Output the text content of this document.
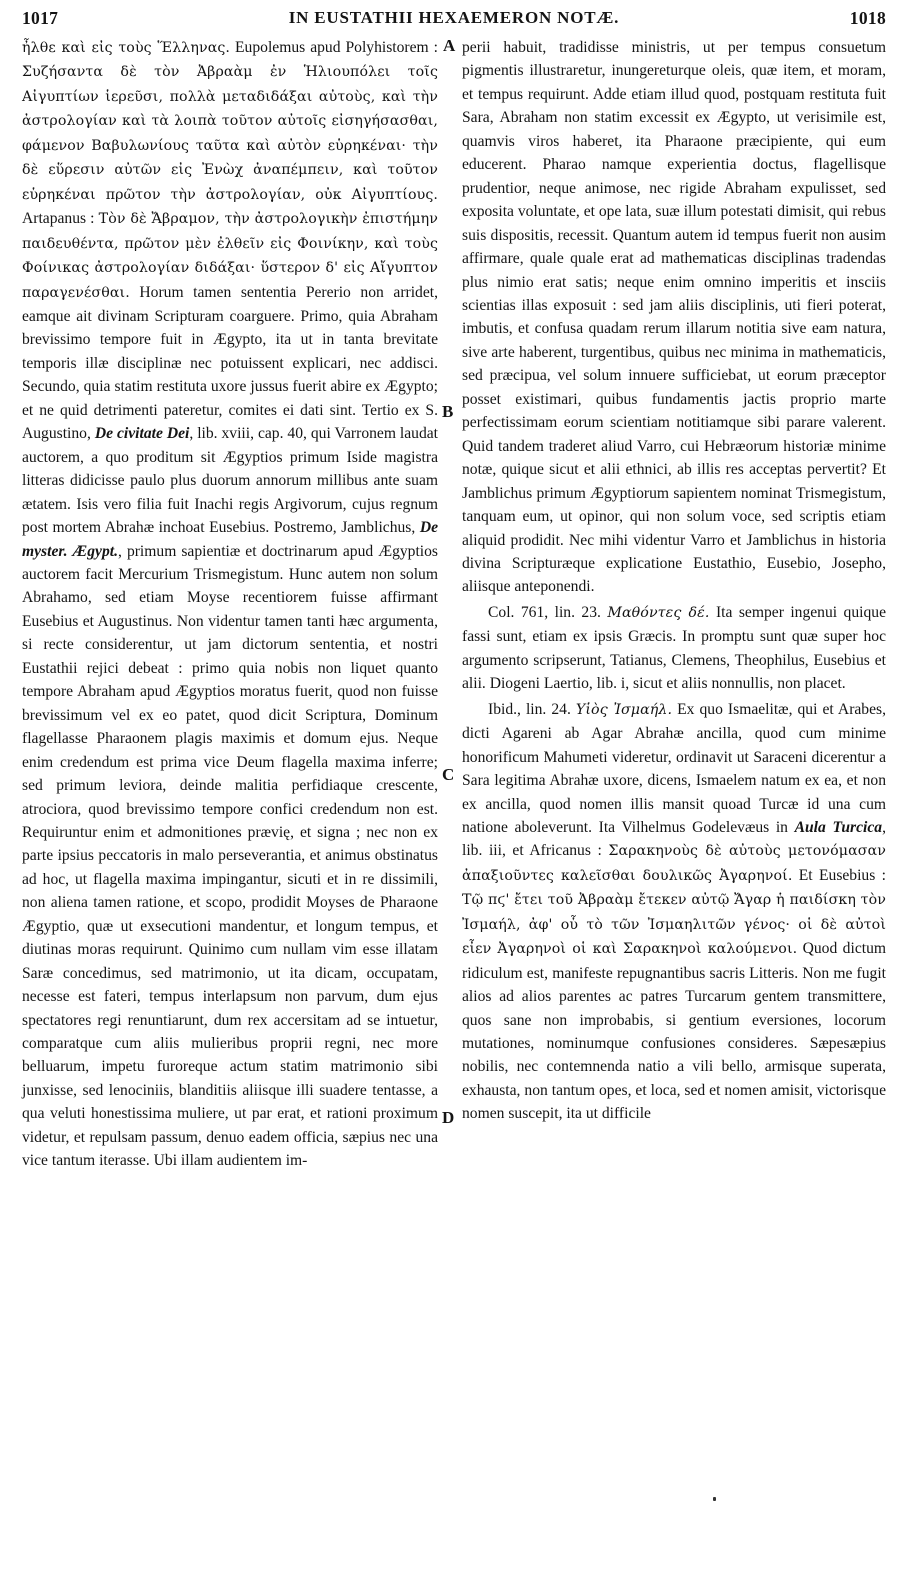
1017	IN EUSTATHII HEXAEMERON NOTÆ.	1018

ἦλθε καὶ εἰς τοὺς Ἕλληνας. Eupolemus apud Polyhistorem : Συζήσαντα δὲ τὸν Ἀβραὰμ ἐν Ἡλιουπόλει τοῖς Αἰγυπτίων ἱερεῦσι, πολλὰ μεταδιδάξαι αὐτοὺς, καὶ τὴν ἀστρολογίαν καὶ τὰ λοιπὰ τοῦτον αὐτοῖς εἰσηγήσασθαι, φάμενον Βαβυλωνίους ταῦτα καὶ αὐτὸν εὑρηκέναι· τὴν δὲ εὕρεσιν αὐτῶν εἰς Ἐνὼχ ἀναπέμπειν, καὶ τοῦτον εὑρηκέναι πρῶτον τὴν ἀστρολογίαν, οὐκ Αἰγυπτίους. Artapanus : Τὸν δὲ Ἄβραμον, τὴν ἀστρολογικὴν ἐπιστήμην παιδευθέντα, πρῶτον μὲν ἐλθεῖν εἰς Φοινίκην, καὶ τοὺς Φοίνικας ἀστρολογίαν διδάξαι· ὕστερον δ' εἰς Αἴγυπτον παραγενέσθαι. Horum tamen sententia Pererio non arridet, eamque ait divinam Scripturam coarguere. Primo, quia Abraham brevissimo tempore fuit in Ægypto, ita ut in tanta brevitate temporis illæ disciplinæ nec potuissent explicari, nec addisci. Secundo, quia statim restituta uxore jussus fuerit abire ex Ægypto; et ne quid detrimenti pateretur, comites ei dati sint. Tertio ex S. Augustino, De civitate Dei, lib. xviii, cap. 40, qui Varronem laudat auctorem, a quo proditum sit Ægyptios primum Iside magistra litteras didicisse paulo plus duorum annorum millibus ante suam ætatem. Isis vero filia fuit Inachi regis Argivorum, cujus regnum post mortem Abrahæ inchoat Eusebius. Postremo, Jamblichus, De myster. Ægypt., primum sapientiæ et doctrinarum apud Ægyptios auctorem facit Mercurium Trismegistum. Hunc autem non solum Abrahamo, sed etiam Moyse recentiorem fuisse affirmant Eusebius et Augustinus. Non videntur tamen tanti hæc argumenta, si recte considerentur, ut jam dictorum sententia, et nostri Eustathii rejici debeat : primo quia nobis non liquet quanto tempore Abraham apud Ægyptios moratus fuerit, quod non fuisse brevissimum vel ex eo patet, quod dicit Scriptura, Dominum flagellasse Pharaonem plagis maximis et domum ejus. Neque enim credendum est prima vice Deum flagella maxima inferre; sed primum leviora, deinde malitia perfidiaque crescente, atrociora, quod brevissimo tempore confici credendum non est. Requiruntur enim et admonitiones prævię, et signa ; nec non ex parte ipsius peccatoris in malo perseverantia, et animus obstinatus ad hoc, ut flagella maxima impingantur, sicuti et in re dissimili, non aliena tamen ratione, et scopo, prodidit Moyses de Pharaone Ægyptio, quæ ut exsecutioni mandentur, et longum tempus, et diutinas moras requirunt. Quinimo cum nullam vim esse illatam Saræ concedimus, sed matrimonio, ut ita dicam, occupatam, necesse est fateri, tempus interlapsum non parvum, dum ejus spectatores regi renuntiarunt, dum rex accersitam ad se intuetur, comparatque cum aliis mulieribus proprii regni, nec more belluarum, impetu furoreque actum statim matrimonio sibi junxisse, sed lenociniis, blanditiis aliisque illi suadere tentasse, a qua veluti honestissima muliere, ut par erat, et rationi proximum videtur, et repulsam passum, denuo eadem officia, sæpius nec una vice tantum iterasse. Ubi illam audientem im-

perii habuit, tradidisse ministris, ut per tempus consuetum pigmentis illustraretur, inungereturque oleis, quæ item, et moram, et tempus requirunt. Adde etiam illud quod, postquam restituta fuit Sara, Abraham non statim excessit ex Ægypto, ut verisimile est, quamvis viros haberet, ita Pharaone præcipiente, qui eum educerent. Pharao namque experientia doctus, flagellisque prudentior, neque animose, nec rigide Abraham expulisset, sed exposita voluntate, et ope lata, suæ illum potestati dimisit, qui rebus suis dispositis, recessit. Quantum autem id tempus fuerit non ausim affirmare, quale quale erat ad mathematicas disciplinas tradendas plus nimio erat satis; neque enim omnino imperitis et insciis scientias illas exposuit : sed jam aliis disciplinis, uti fieri poterat, imbutis, et confusa quadam rerum illarum notitia sive eam natura, sive arte haberent, turgentibus, quibus nec minima in mathematicis, sed præcipua, vel solum innuere sufficiebat, ut eorum præceptor posset existimari, quibus fundamentis jactis proprio marte perfectissimam eorum scientiam notitiamque sibi parare valerent. Quid tandem traderet aliud Varro, cui Hebræorum historiæ minime notæ, quique sicut et alii ethnici, ab illis res acceptas pervertit? Et Jamblichus primum Ægyptiorum sapientem nominat Trismegistum, tanquam eum, ut opinor, qui non solum voce, sed scriptis etiam aliquid prodidit. Nec mihi videntur Varro et Jamblichus in historia divina Scripturæque explicatione Eustathio, Eusebio, Josepho, aliisque anteponendi.

Col. 761, lin. 23. Μαθόντες δέ. Ita semper ingenui quique fassi sunt, etiam ex ipsis Græcis. In promptu sunt quæ super hoc argumento scripserunt, Tatianus, Clemens, Theophilus, Eusebius et alii. Diogeni Laertio, lib. i, sicut et aliis nonnullis, non placet.

Ibid., lin. 24. Υἱὸς Ἰσμαήλ. Ex quo Ismaelitæ, qui et Arabes, dicti Agareni ab Agar Abrahæ ancilla, quod cum minime honorificum Mahumeti videretur, ordinavit ut Saraceni dicerentur a Sara legitima Abrahæ uxore, dicens, Ismaelem natum ex ea, et non ex ancilla, quod nomen illis mansit quoad Turcæ id una cum natione aboleverunt. Ita Vilhelmus Godelevæus in Aula Turcica, lib. iii, et Africanus : Σαρακηνοὺς δὲ αὐτοὺς μετονόμασαν ἀπαξιοῦντες καλεῖσθαι δουλικῶς Ἀγαρηνοί. Et Eusebius : Τῷ πϛ' ἔτει τοῦ Ἀβραὰμ ἔτεκεν αὐτῷ Ἄγαρ ἡ παιδίσκη τὸν Ἰσμαήλ, ἀφ' οὗ τὸ τῶν Ἰσμαηλιτῶν γένος· οἱ δὲ αὐτοὶ εἶεν Ἀγαρηνοὶ οἱ καὶ Σαρακηνοὶ καλούμενοι. Quod dictum ridiculum est, manifeste repugnantibus sacris Litteris. Non me fugit alios ad alios parentes ac patres Turcarum gentem transmittere, quos sane non improbabis, si gentium eversiones, locorum mutationes, nominumque confusiones consideres. Sæpesæpius nobilis, nec contemnenda natio a vili bello, armisque superata, exhausta, non tantum opes, et loca, sed et nomen amisit, victorisque nomen suscepit, ita ut difficile

A
B
C
D
